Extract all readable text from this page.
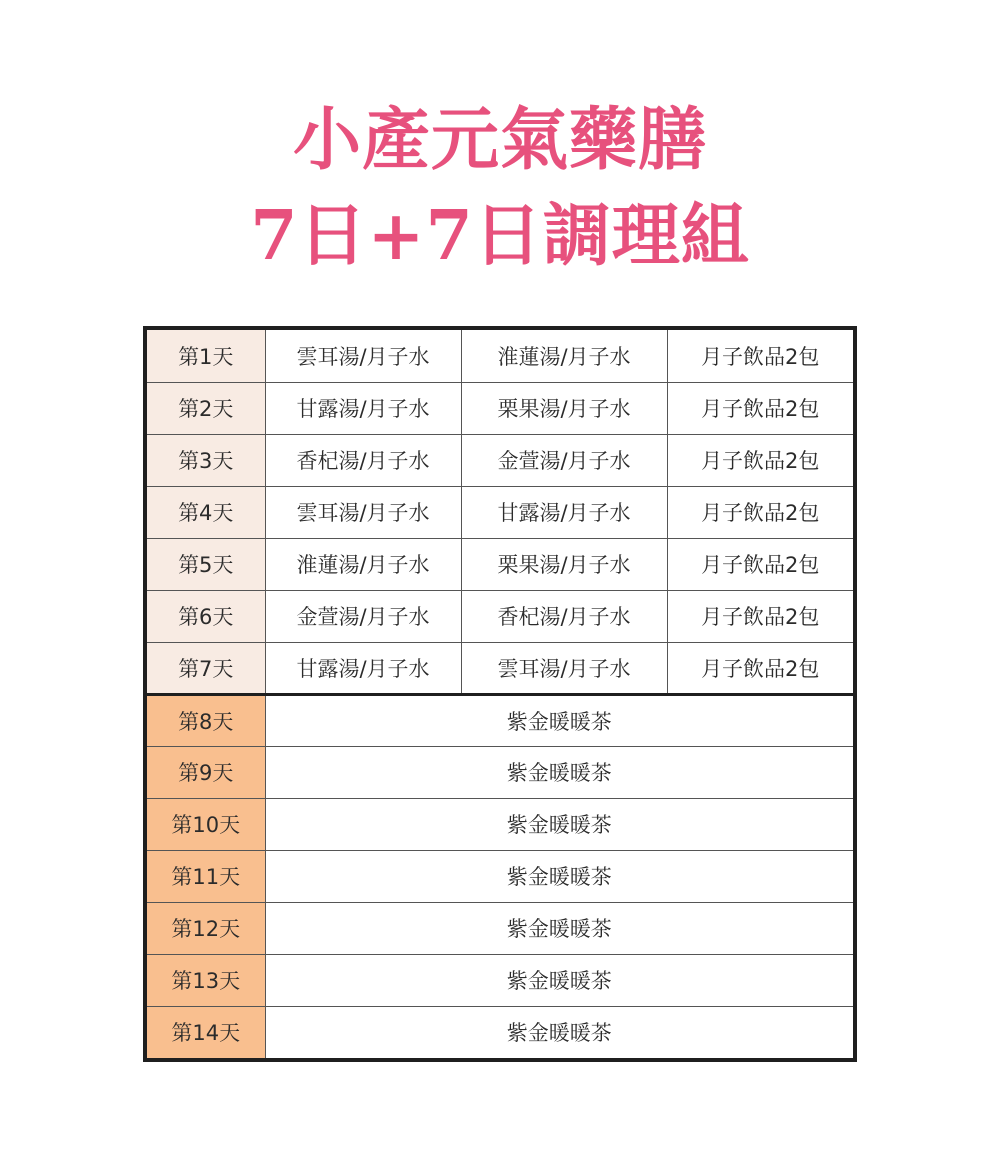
小產元氣藥膳
7日+7日調理組
第1天	雲耳湯/月子水	淮蓮湯/月子水	月子飲品2包
第2天	甘露湯/月子水	栗果湯/月子水	月子飲品2包
第3天	香杞湯/月子水	金萱湯/月子水	月子飲品2包
第4天	雲耳湯/月子水	甘露湯/月子水	月子飲品2包
第5天	淮蓮湯/月子水	栗果湯/月子水	月子飲品2包
第6天	金萱湯/月子水	香杞湯/月子水	月子飲品2包
第7天	甘露湯/月子水	雲耳湯/月子水	月子飲品2包
第8天	紫金暖暖茶		
第9天	紫金暖暖茶		
第10天	紫金暖暖茶		
第11天	紫金暖暖茶		
第12天	紫金暖暖茶		
第13天	紫金暖暖茶		
第14天	紫金暖暖茶		
